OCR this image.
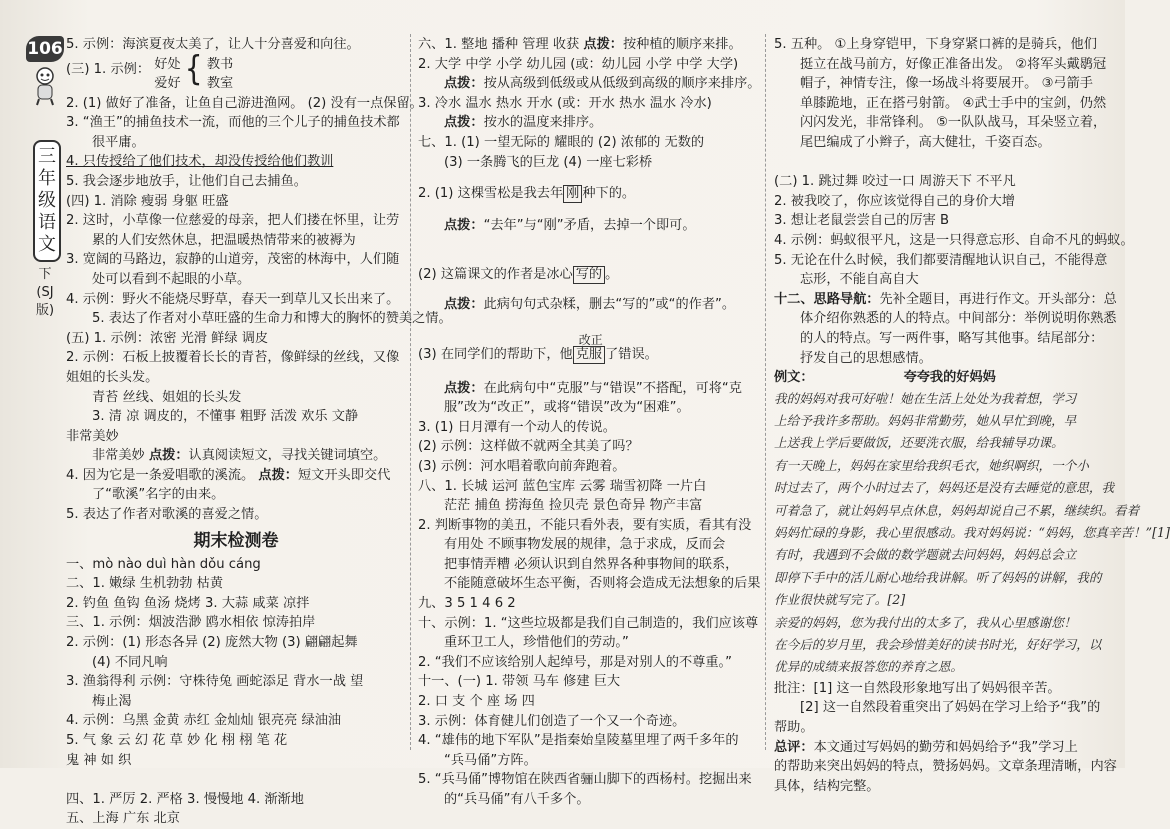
106
三
年
级
语
文
下
(SJ版)
5. 示例：海滨夏夜太美了，让人十分喜爱和向往。
(三) 1. 示例： 好处
爱好 { 教书
教室
2. (1) 做好了准备，让鱼自己游进渔网。 (2) 没有一点保留。
3. “渔王”的捕鱼技术一流，而他的三个儿子的捕鱼技术都
很平庸。
4. 只传授给了他们技术，却没传授给他们教训
5. 我会逐步地放手，让他们自己去捕鱼。
(四) 1. 消除 瘦弱 身躯 旺盛
2. 这时，小草像一位慈爱的母亲，把人们搂在怀里，让劳
累的人们安然休息，把温暖热情带来的被褥为
3. 宽阔的马路边，寂静的山道旁，茂密的林海中，人们随
处可以看到不起眼的小草。
4. 示例：野火不能烧尽野草，春天一到草儿又长出来了。
5. 表达了作者对小草旺盛的生命力和博大的胸怀的赞美之情。
(五) 1. 示例：浓密 光滑 鲜绿 调皮
2. 示例：石板上披覆着长长的青苔，像鲜绿的丝线，又像
姐姐的长头发。
青苔 丝线、姐姐的长头发
3. 清 凉 调皮的，不懂事 粗野 活泼 欢乐 文静
非常美妙
非常美妙 点拨：认真阅读短文，寻找关键词填空。
4. 因为它是一条爱唱歌的溪流。 点拨：短文开头即交代
了“歌溪”名字的由来。
5. 表达了作者对歌溪的喜爱之情。
期末检测卷
一、mò nào duì hàn dǒu cáng
二、1. 嫩绿 生机勃勃 枯黄
2. 钓鱼 鱼钩 鱼汤 烧烤 3. 大蒜 咸菜 凉拌
三、1. 示例：烟波浩渺 鸥水相依 惊涛拍岸
2. 示例：(1) 形态各异 (2) 庞然大物 (3) 翩翩起舞
(4) 不同凡响
3. 渔翁得利 示例：守株待兔 画蛇添足 背水一战 望
梅止渴
4. 示例：乌黑 金黄 赤红 金灿灿 银亮亮 绿油油
5. 气 象 云 幻 花 草 妙 化 栩 栩 笔 花
鬼 神 如 织
四、1. 严厉 2. 严格 3. 慢慢地 4. 渐渐地
五、上海 广东 北京
六、1. 整地 播种 管理 收获 点拨：按种植的顺序来排。
2. 大学 中学 小学 幼儿园 (或：幼儿园 小学 中学 大学)
点拨：按从高级到低级或从低级到高级的顺序来排序。
3. 冷水 温水 热水 开水 (或：开水 热水 温水 冷水)
点拨：按水的温度来排序。
七、1. (1) 一望无际的 耀眼的 (2) 浓郁的 无数的
(3) 一条腾飞的巨龙 (4) 一座七彩桥
2. (1) 这棵雪松是我去年 刚 种下的。
点拨：“去年”与“刚”矛盾，去掉一个即可。
(2) 这篇课文的作者是冰心 写的 。
点拨：此病句句式杂糅，删去“写的”或“的作者”。
(3) 在同学们的帮助下，他
改正
克服 了错误。
点拨：在此病句中“克服”与“错误”不搭配，可将“克
服”改为“改正”，或将“错误”改为“困难”。
3. (1) 日月潭有一个动人的传说。
(2) 示例：这样做不就两全其美了吗？
(3) 示例：河水唱着歌向前奔跑着。
八、1. 长城 运河 蓝色宝库 云雾 瑞雪初降 一片白
茫茫 捕鱼 捞海鱼 捡贝壳 景色奇异 物产丰富
2. 判断事物的美丑，不能只看外表，要有实质，看其有没
有用处 不顾事物发展的规律，急于求成，反而会
把事情弄糟 必须认识到自然界各种事物间的联系，
不能随意破坏生态平衡，否则将会造成无法想象的后果
九、3 5 1 4 6 2
十、示例：1. “这些垃圾都是我们自己制造的，我们应该尊
重环卫工人，珍惜他们的劳动。”
2. “我们不应该给别人起绰号，那是对别人的不尊重。”
十一、(一) 1. 带领 马车 修建 巨大
2. 口 支 个 座 场 四
3. 示例：体育健儿们创造了一个又一个奇迹。
4. “雄伟的地下军队”是指秦始皇陵墓里埋了两千多年的
“兵马俑”方阵。
5. “兵马俑”博物馆在陕西省骊山脚下的西杨村。挖掘出来
的“兵马俑”有八千多个。
5. 五种。 ①上身穿铠甲，下身穿紧口裤的是骑兵，他们
挺立在战马前方，好像正准备出发。 ②将军头戴鹖冠
帽子，神情专注，像一场战斗将要展开。 ③弓箭手
单膝跪地，正在搭弓射箭。 ④武士手中的宝剑，仍然
闪闪发光，非常锋利。 ⑤一队队战马，耳朵竖立着，
尾巴编成了小辫子，高大健壮，千姿百态。
(二) 1. 跳过舞 咬过一口 周游天下 不平凡
2. 被我咬了，你应该觉得自己的身价大增
3. 想让老鼠尝尝自己的厉害 B
4. 示例：蚂蚁很平凡，这是一只得意忘形、自命不凡的蚂蚁。
5. 无论在什么时候，我们都要清醒地认识自己，不能得意
忘形，不能自高自大
十二、思路导航：先补全题目，再进行作文。开头部分：总
体介绍你熟悉的人的特点。中间部分：举例说明你熟悉
的人的特点。写一两件事，略写其他事。结尾部分：
抒发自己的思想感情。
例文：	夸夸我的好妈妈
我的妈妈对我可好啦！她在生活上处处为我着想，学习
上给予我许多帮助。妈妈非常勤劳，她从早忙到晚，早
上送我上学后要做饭，还要洗衣服，给我辅导功课。
有一天晚上，妈妈在家里给我织毛衣，她织啊织，一个小
时过去了，两个小时过去了，妈妈还是没有去睡觉的意思，我
可着急了，就让妈妈早点休息，妈妈却说自己不累，继续织。看着
妈妈忙碌的身影，我心里很感动。我对妈妈说：“妈妈，您真辛苦！”[1]
有时，我遇到不会做的数学题就去问妈妈，妈妈总会立
即停下手中的活儿耐心地给我讲解。听了妈妈的讲解，我的
作业很快就写完了。[2]
亲爱的妈妈，您为我付出的太多了，我从心里感谢您！
在今后的岁月里，我会珍惜美好的读书时光，好好学习，以
优异的成绩来报答您的养育之恩。
批注：[1] 这一自然段形象地写出了妈妈很辛苦。
[2] 这一自然段着重突出了妈妈在学习上给予“我”的
帮助。
总评：本文通过写妈妈的勤劳和妈妈给予“我”学习上
的帮助来突出妈妈的特点，赞扬妈妈。文章条理清晰，内容
具体，结构完整。
